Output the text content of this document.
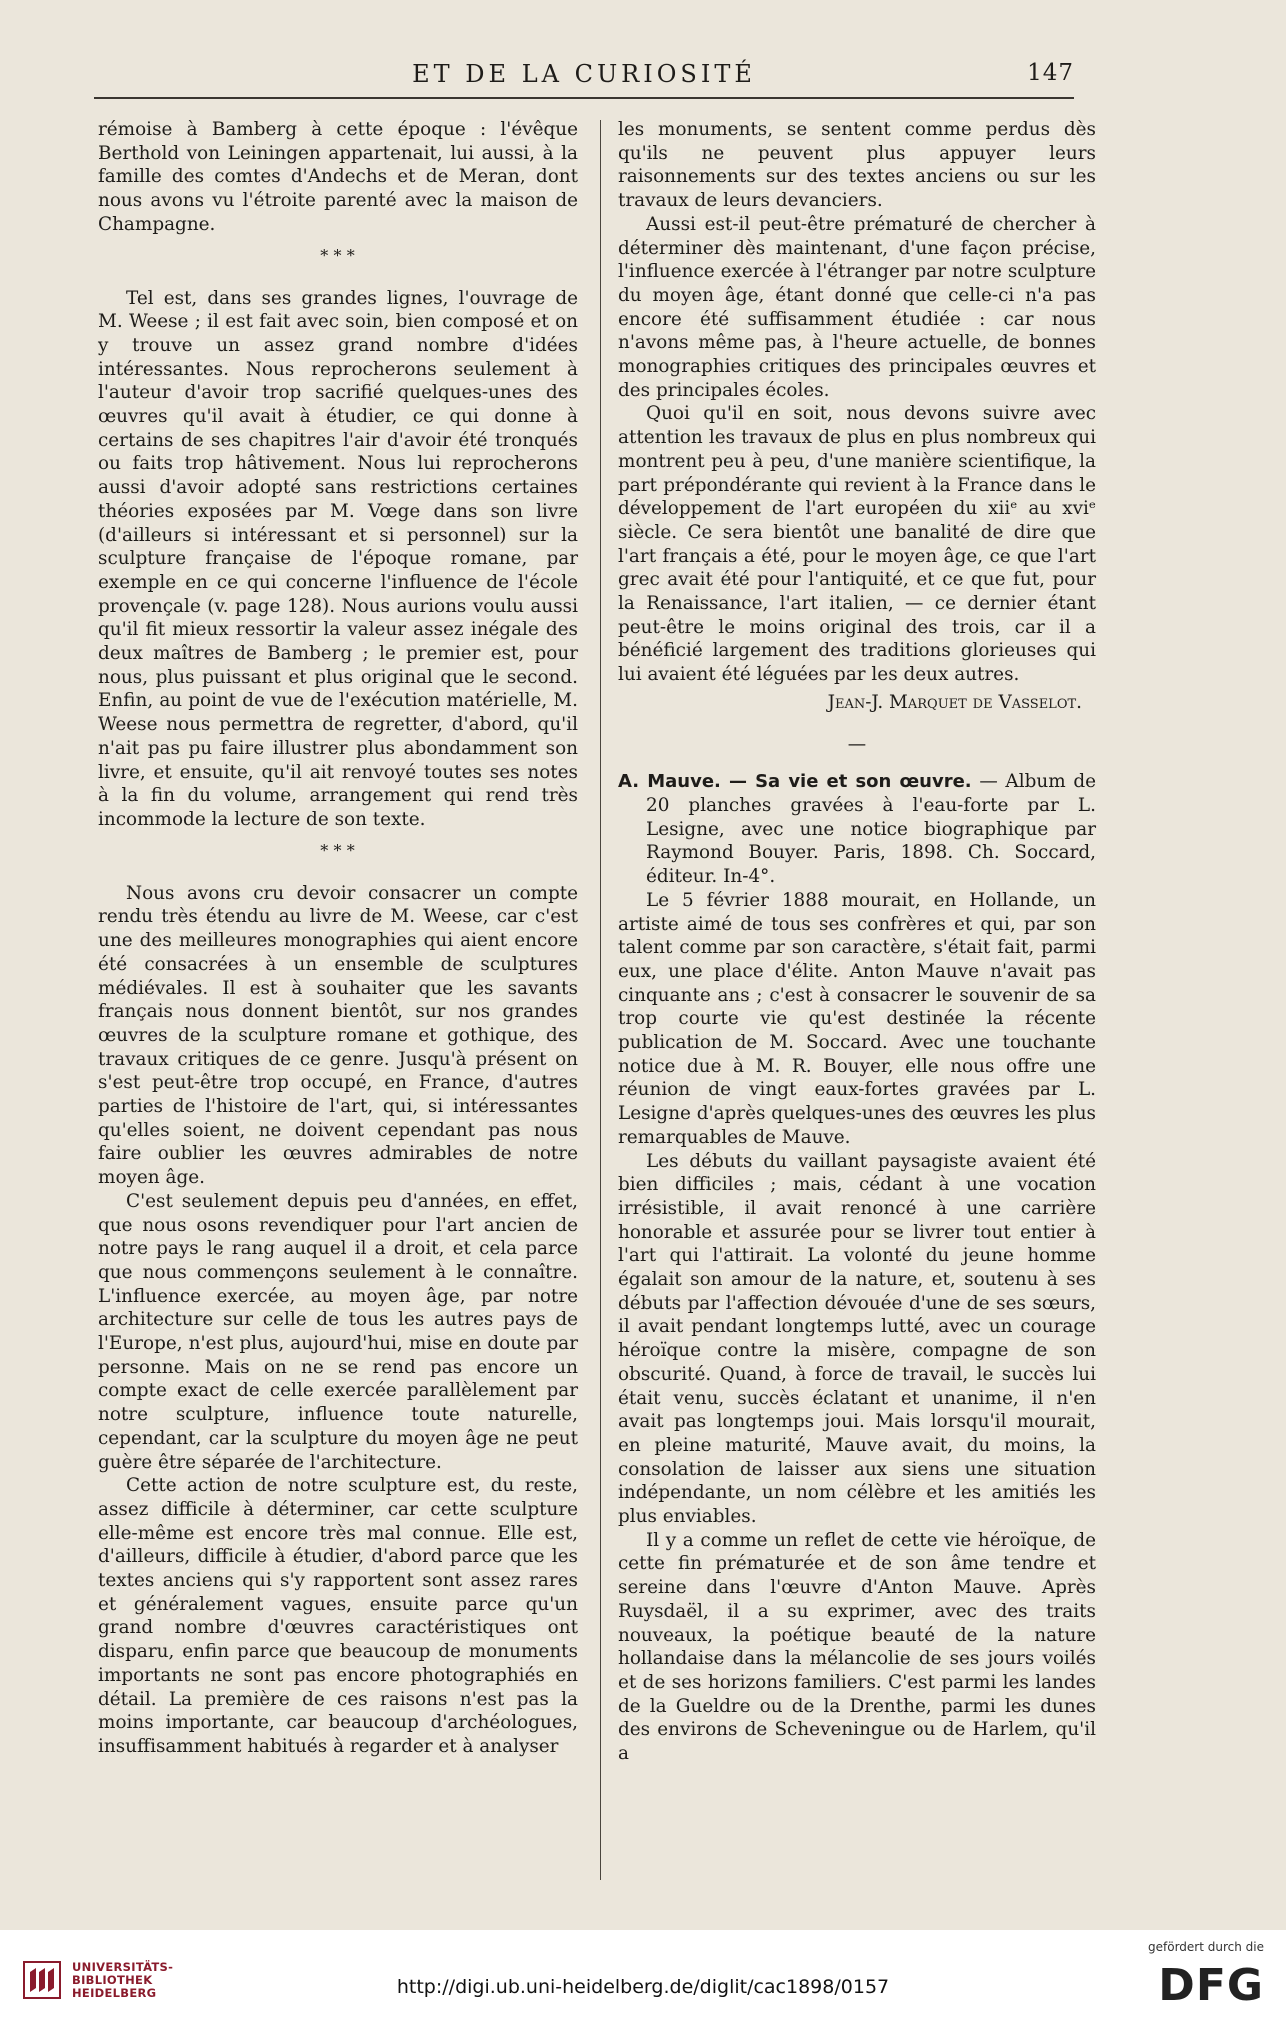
ET DE LA CURIOSITÉ	147

rémoise à Bamberg à cette époque : l'évêque Berthold von Leiningen appartenait, lui aussi, à la famille des comtes d'Andechs et de Meran, dont nous avons vu l'étroite parenté avec la maison de Champagne.

* * *

Tel est, dans ses grandes lignes, l'ouvrage de M. Weese ; il est fait avec soin, bien composé et on y trouve un assez grand nombre d'idées intéressantes. Nous reprocherons seulement à l'auteur d'avoir trop sacrifié quelques-unes des œuvres qu'il avait à étudier, ce qui donne à certains de ses chapitres l'air d'avoir été tronqués ou faits trop hâtivement. Nous lui reprocherons aussi d'avoir adopté sans restrictions certaines théories exposées par M. Vœge dans son livre (d'ailleurs si intéressant et si personnel) sur la sculpture française de l'époque romane, par exemple en ce qui concerne l'influence de l'école provençale (v. page 128). Nous aurions voulu aussi qu'il fit mieux ressortir la valeur assez inégale des deux maîtres de Bamberg ; le premier est, pour nous, plus puissant et plus original que le second. Enfin, au point de vue de l'exécution matérielle, M. Weese nous permettra de regretter, d'abord, qu'il n'ait pas pu faire illustrer plus abondamment son livre, et ensuite, qu'il ait renvoyé toutes ses notes à la fin du volume, arrangement qui rend très incommode la lecture de son texte.

* * *

Nous avons cru devoir consacrer un compte rendu très étendu au livre de M. Weese, car c'est une des meilleures monographies qui aient encore été consacrées à un ensemble de sculptures médiévales. Il est à souhaiter que les savants français nous donnent bientôt, sur nos grandes œuvres de la sculpture romane et gothique, des travaux critiques de ce genre. Jusqu'à présent on s'est peut-être trop occupé, en France, d'autres parties de l'histoire de l'art, qui, si intéressantes qu'elles soient, ne doivent cependant pas nous faire oublier les œuvres admirables de notre moyen âge.

C'est seulement depuis peu d'années, en effet, que nous osons revendiquer pour l'art ancien de notre pays le rang auquel il a droit, et cela parce que nous commençons seulement à le connaître. L'influence exercée, au moyen âge, par notre architecture sur celle de tous les autres pays de l'Europe, n'est plus, aujourd'hui, mise en doute par personne. Mais on ne se rend pas encore un compte exact de celle exercée parallèlement par notre sculpture, influence toute naturelle, cependant, car la sculpture du moyen âge ne peut guère être séparée de l'architecture.

Cette action de notre sculpture est, du reste, assez difficile à déterminer, car cette sculpture elle-même est encore très mal connue. Elle est, d'ailleurs, difficile à étudier, d'abord parce que les textes anciens qui s'y rapportent sont assez rares et généralement vagues, ensuite parce qu'un grand nombre d'œuvres caractéristiques ont disparu, enfin parce que beaucoup de monuments importants ne sont pas encore photographiés en détail. La première de ces raisons n'est pas la moins importante, car beaucoup d'archéologues, insuffisamment habitués à regarder et à analyser

les monuments, se sentent comme perdus dès qu'ils ne peuvent plus appuyer leurs raisonnements sur des textes anciens ou sur les travaux de leurs devanciers.

Aussi est-il peut-être prématuré de chercher à déterminer dès maintenant, d'une façon précise, l'influence exercée à l'étranger par notre sculpture du moyen âge, étant donné que celle-ci n'a pas encore été suffisamment étudiée : car nous n'avons même pas, à l'heure actuelle, de bonnes monographies critiques des principales œuvres et des principales écoles.

Quoi qu'il en soit, nous devons suivre avec attention les travaux de plus en plus nombreux qui montrent peu à peu, d'une manière scientifique, la part prépondérante qui revient à la France dans le développement de l'art européen du xiiᵉ au xviᵉ siècle. Ce sera bientôt une banalité de dire que l'art français a été, pour le moyen âge, ce que l'art grec avait été pour l'antiquité, et ce que fut, pour la Renaissance, l'art italien, — ce dernier étant peut-être le moins original des trois, car il a bénéficié largement des traditions glorieuses qui lui avaient été léguées par les deux autres.

Jean-J. Marquet de Vasselot.
—

A. Mauve. — Sa vie et son œuvre. — Album de 20 planches gravées à l'eau-forte par L. Lesigne, avec une notice biographique par Raymond Bouyer. Paris, 1898. Ch. Soccard, éditeur. In-4°.

Le 5 février 1888 mourait, en Hollande, un artiste aimé de tous ses confrères et qui, par son talent comme par son caractère, s'était fait, parmi eux, une place d'élite. Anton Mauve n'avait pas cinquante ans ; c'est à consacrer le souvenir de sa trop courte vie qu'est destinée la récente publication de M. Soccard. Avec une touchante notice due à M. R. Bouyer, elle nous offre une réunion de vingt eaux-fortes gravées par L. Lesigne d'après quelques-unes des œuvres les plus remarquables de Mauve.

Les débuts du vaillant paysagiste avaient été bien difficiles ; mais, cédant à une vocation irrésistible, il avait renoncé à une carrière honorable et assurée pour se livrer tout entier à l'art qui l'attirait. La volonté du jeune homme égalait son amour de la nature, et, soutenu à ses débuts par l'affection dévouée d'une de ses sœurs, il avait pendant longtemps lutté, avec un courage héroïque contre la misère, compagne de son obscurité. Quand, à force de travail, le succès lui était venu, succès éclatant et unanime, il n'en avait pas longtemps joui. Mais lorsqu'il mourait, en pleine maturité, Mauve avait, du moins, la consolation de laisser aux siens une situation indépendante, un nom célèbre et les amitiés les plus enviables.

Il y a comme un reflet de cette vie héroïque, de cette fin prématurée et de son âme tendre et sereine dans l'œuvre d'Anton Mauve. Après Ruysdaël, il a su exprimer, avec des traits nouveaux, la poétique beauté de la nature hollandaise dans la mélancolie de ses jours voilés et de ses horizons familiers. C'est parmi les landes de la Gueldre ou de la Drenthe, parmi les dunes des environs de Scheveningue ou de Harlem, qu'il a

UNIVERSITÄTS-
BIBLIOTHEK
HEIDELBERG	http://digi.ub.uni-heidelberg.de/diglit/cac1898/0157
gefördert durch die
DFG
